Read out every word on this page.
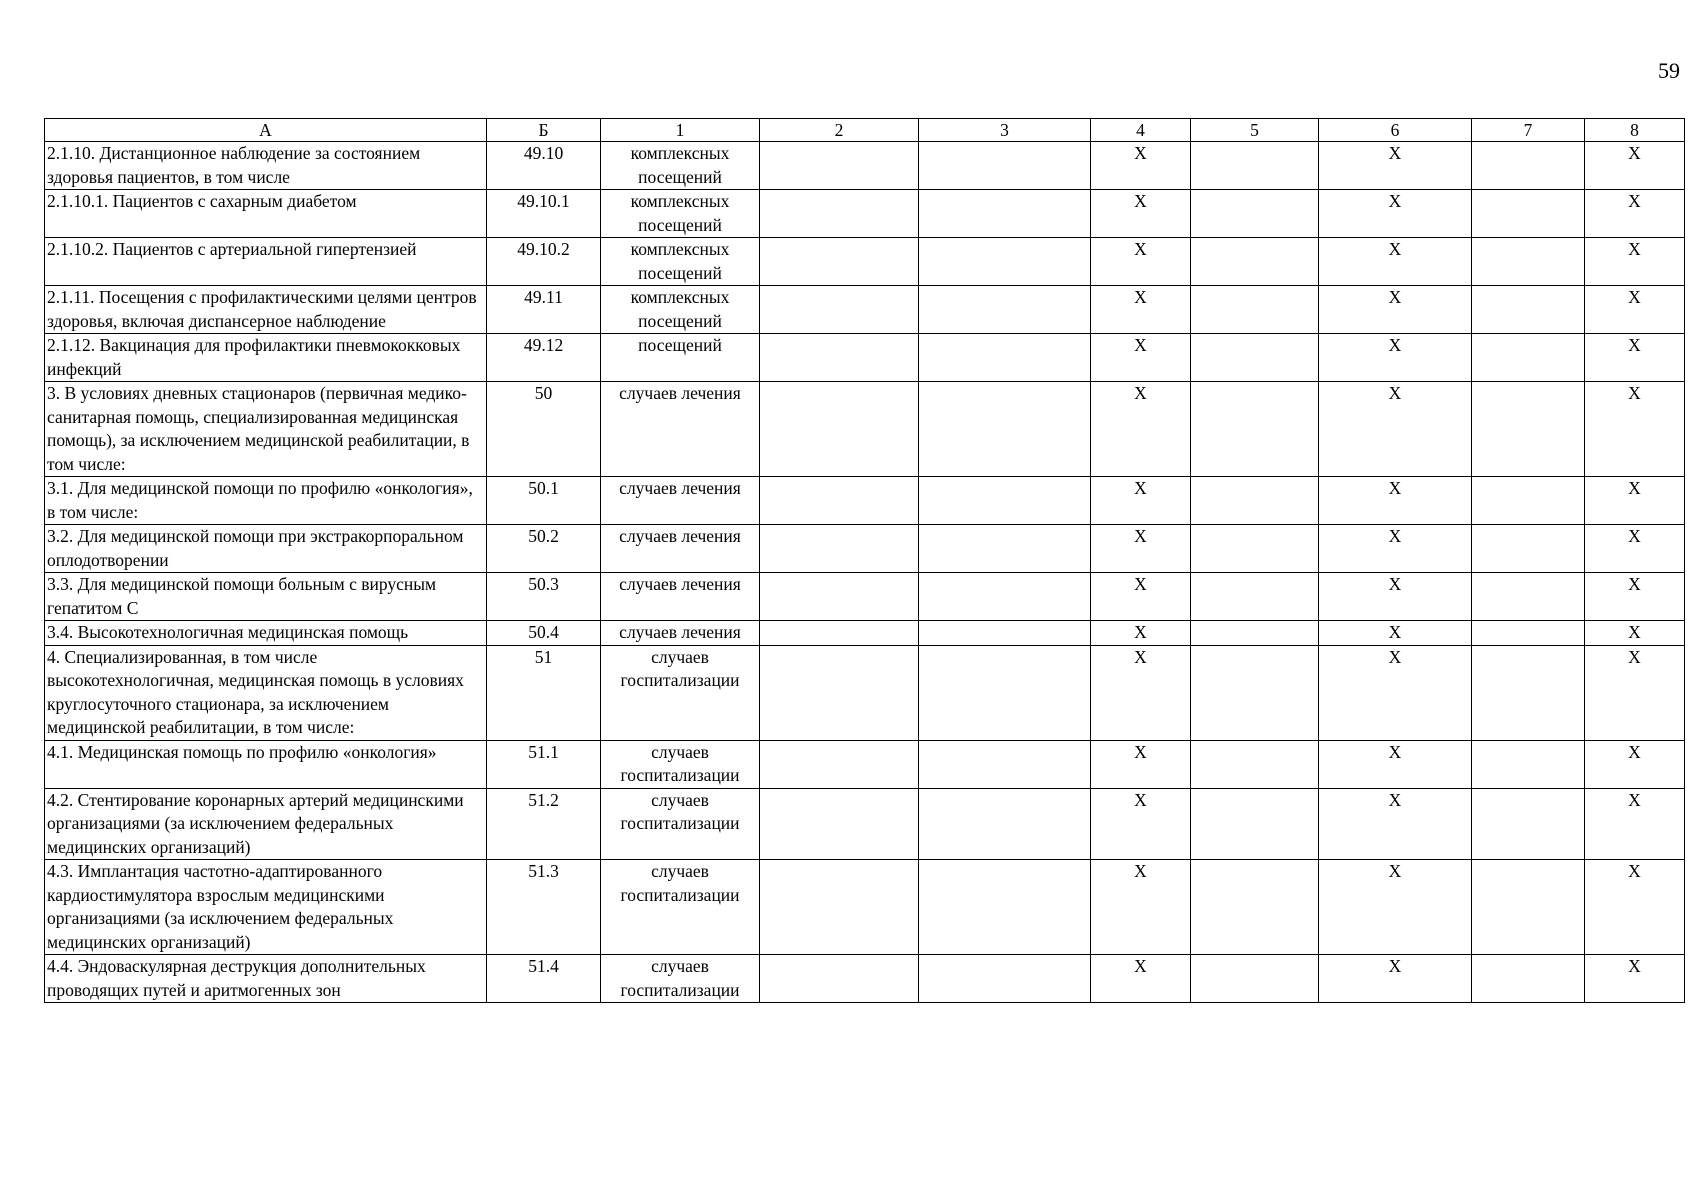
59
А	Б	1	2	3	4	5	6	7	8
2.1.10. Дистанционное наблюдение за состоянием здоровья пациентов, в том числе	49.10	комплексных посещений			X		X		X
2.1.10.1. Пациентов с сахарным диабетом	49.10.1	комплексных посещений			X		X		X
2.1.10.2. Пациентов с артериальной гипертензией	49.10.2	комплексных посещений			X		X		X
2.1.11. Посещения с профилактическими целями центров здоровья, включая диспансерное наблюдение	49.11	комплексных посещений			X		X		X
2.1.12. Вакцинация для профилактики пневмококковых инфекций	49.12	посещений			X		X		X
3. В условиях дневных стационаров (первичная медико-санитарная помощь, специализированная медицинская помощь), за исключением медицинской реабилитации, в том числе:	50	случаев лечения			X		X		X
3.1. Для медицинской помощи по профилю «онкология», в том числе:	50.1	случаев лечения			X		X		X
3.2. Для медицинской помощи при экстракорпоральном оплодотворении	50.2	случаев лечения			X		X		X
3.3. Для медицинской помощи больным с вирусным гепатитом С	50.3	случаев лечения			X		X		X
3.4. Высокотехнологичная медицинская помощь	50.4	случаев лечения			X		X		X
4. Специализированная, в том числе высокотехнологичная, медицинская помощь в условиях круглосуточного стационара, за исключением медицинской реабилитации, в том числе:	51	случаев госпитализации			X		X		X
4.1. Медицинская помощь по профилю «онкология»	51.1	случаев госпитализации			X		X		X
4.2. Стентирование коронарных артерий медицинскими организациями (за исключением федеральных медицинских организаций)	51.2	случаев госпитализации			X		X		X
4.3. Имплантация частотно-адаптированного кардиостимулятора взрослым медицинскими организациями (за исключением федеральных медицинских организаций)	51.3	случаев госпитализации			X		X		X
4.4. Эндоваскулярная деструкция дополнительных проводящих путей и аритмогенных зон	51.4	случаев госпитализации			X		X		X
